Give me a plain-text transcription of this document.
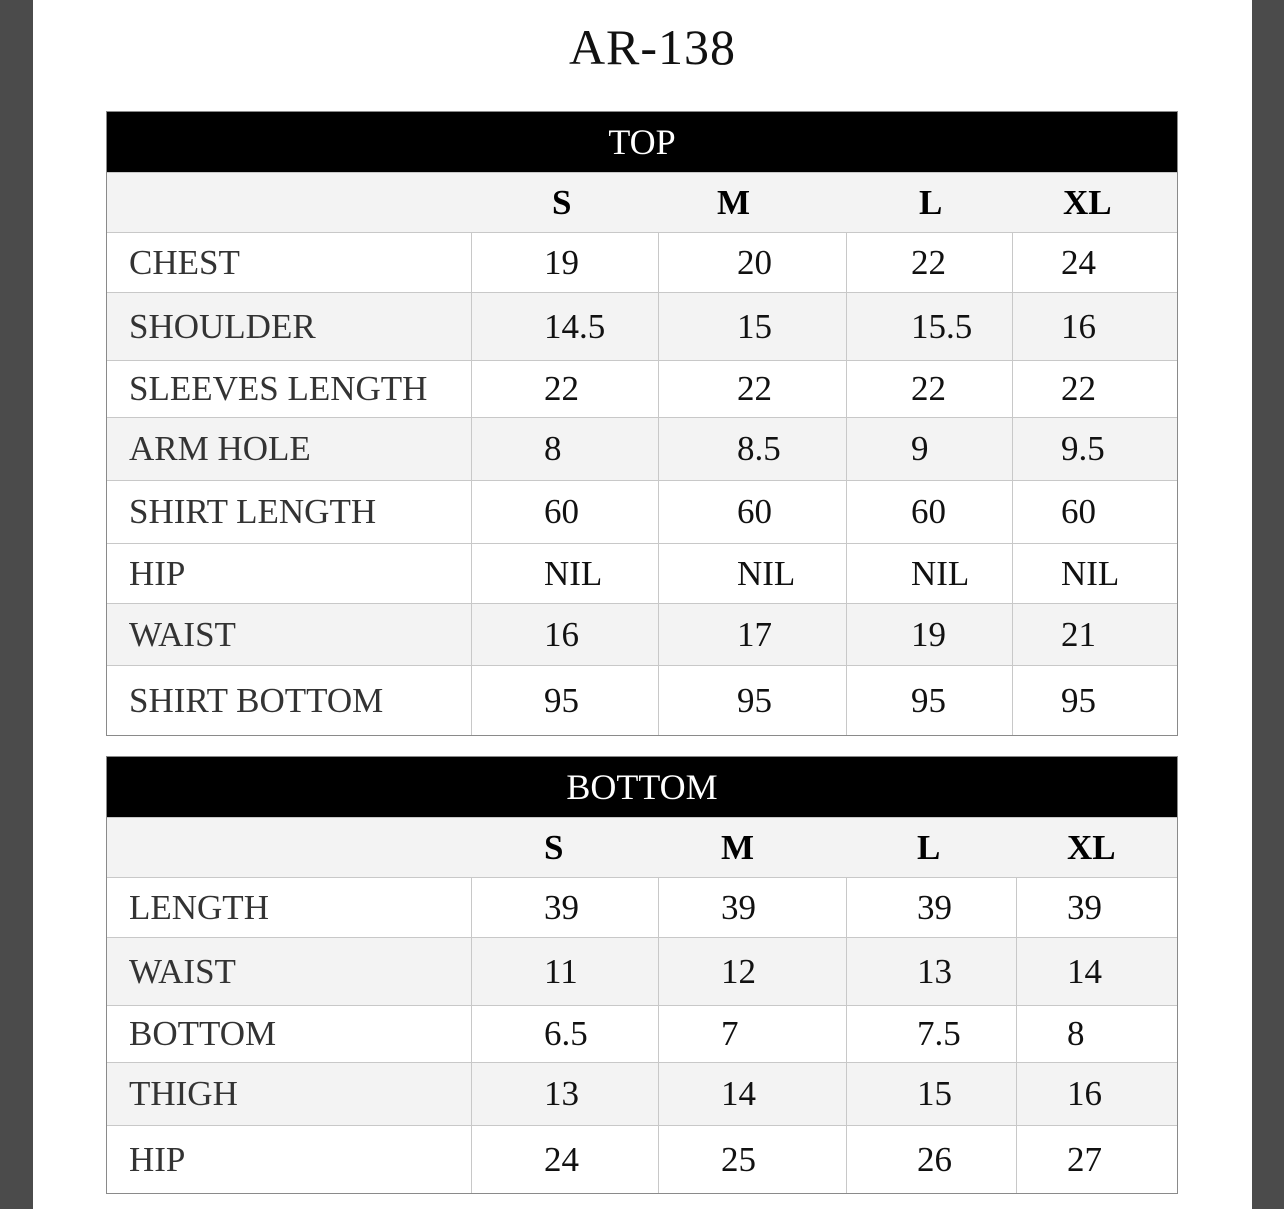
AR-138
TOP
S	M	L	XL
CHEST	19	20	22	24
SHOULDER	14.5	15	15.5	16
SLEEVES LENGTH	22	22	22	22
ARM HOLE	8	8.5	9	9.5
SHIRT LENGTH	60	60	60	60
HIP	NIL	NIL	NIL	NIL
WAIST	16	17	19	21
SHIRT BOTTOM	95	95	95	95
BOTTOM
S	M	L	XL
LENGTH	39	39	39	39
WAIST	11	12	13	14
BOTTOM	6.5	7	7.5	8
THIGH	13	14	15	16
HIP	24	25	26	27
